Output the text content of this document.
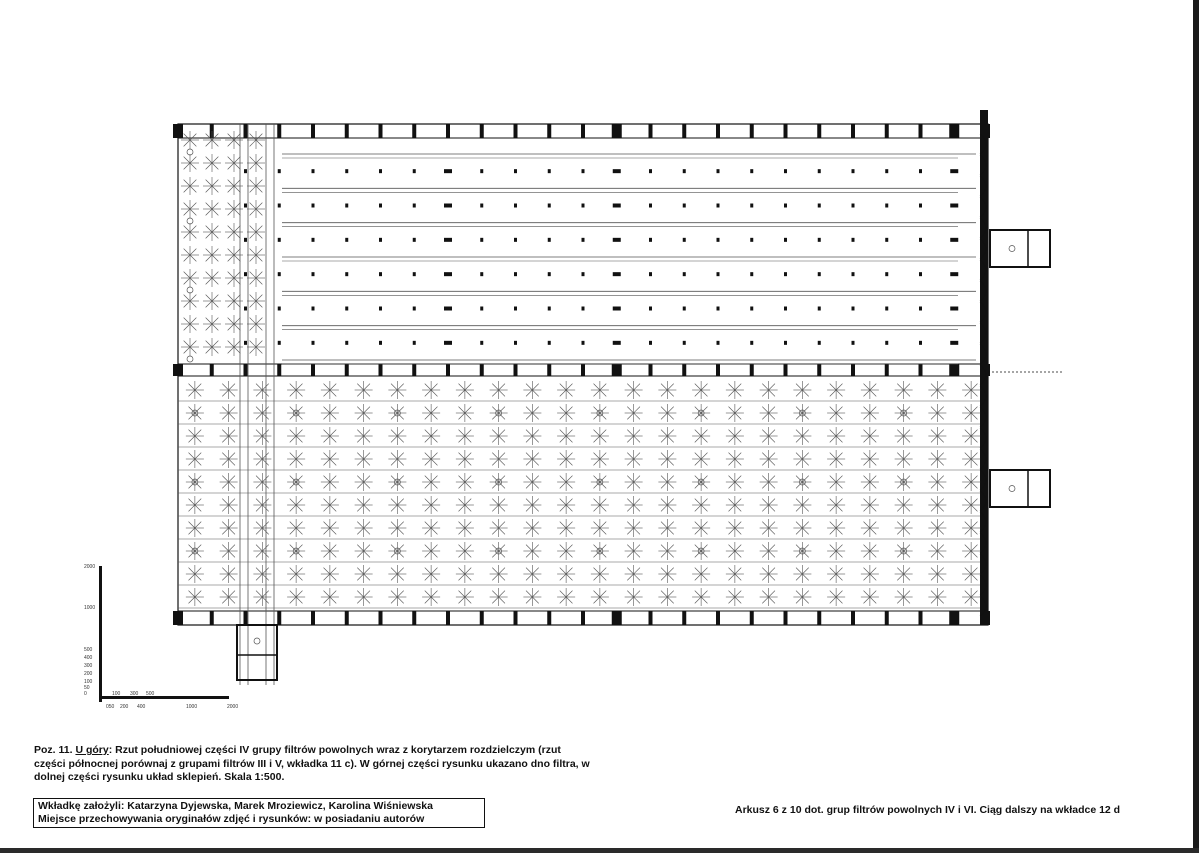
2000
1000
500
400
300
200
100
50
0	100 300 500
050 200 400	1000	2000
Poz. 11. U góry: Rzut południowej części IV grupy filtrów powolnych wraz z korytarzem rozdzielczym (rzut części północnej porównaj z grupami filtrów III i V, wkładka 11 c). W górnej części rysunku ukazano dno filtra, w dolnej części rysunku układ sklepień. Skala 1:500.
Wkładkę założyli: Katarzyna Dyjewska, Marek Mroziewicz, Karolina Wiśniewska
Miejsce przechowywania oryginałów zdjęć i rysunków: w posiadaniu autorów
Arkusz 6 z 10 dot. grup filtrów powolnych IV i VI. Ciąg dalszy na wkładce 12 d
